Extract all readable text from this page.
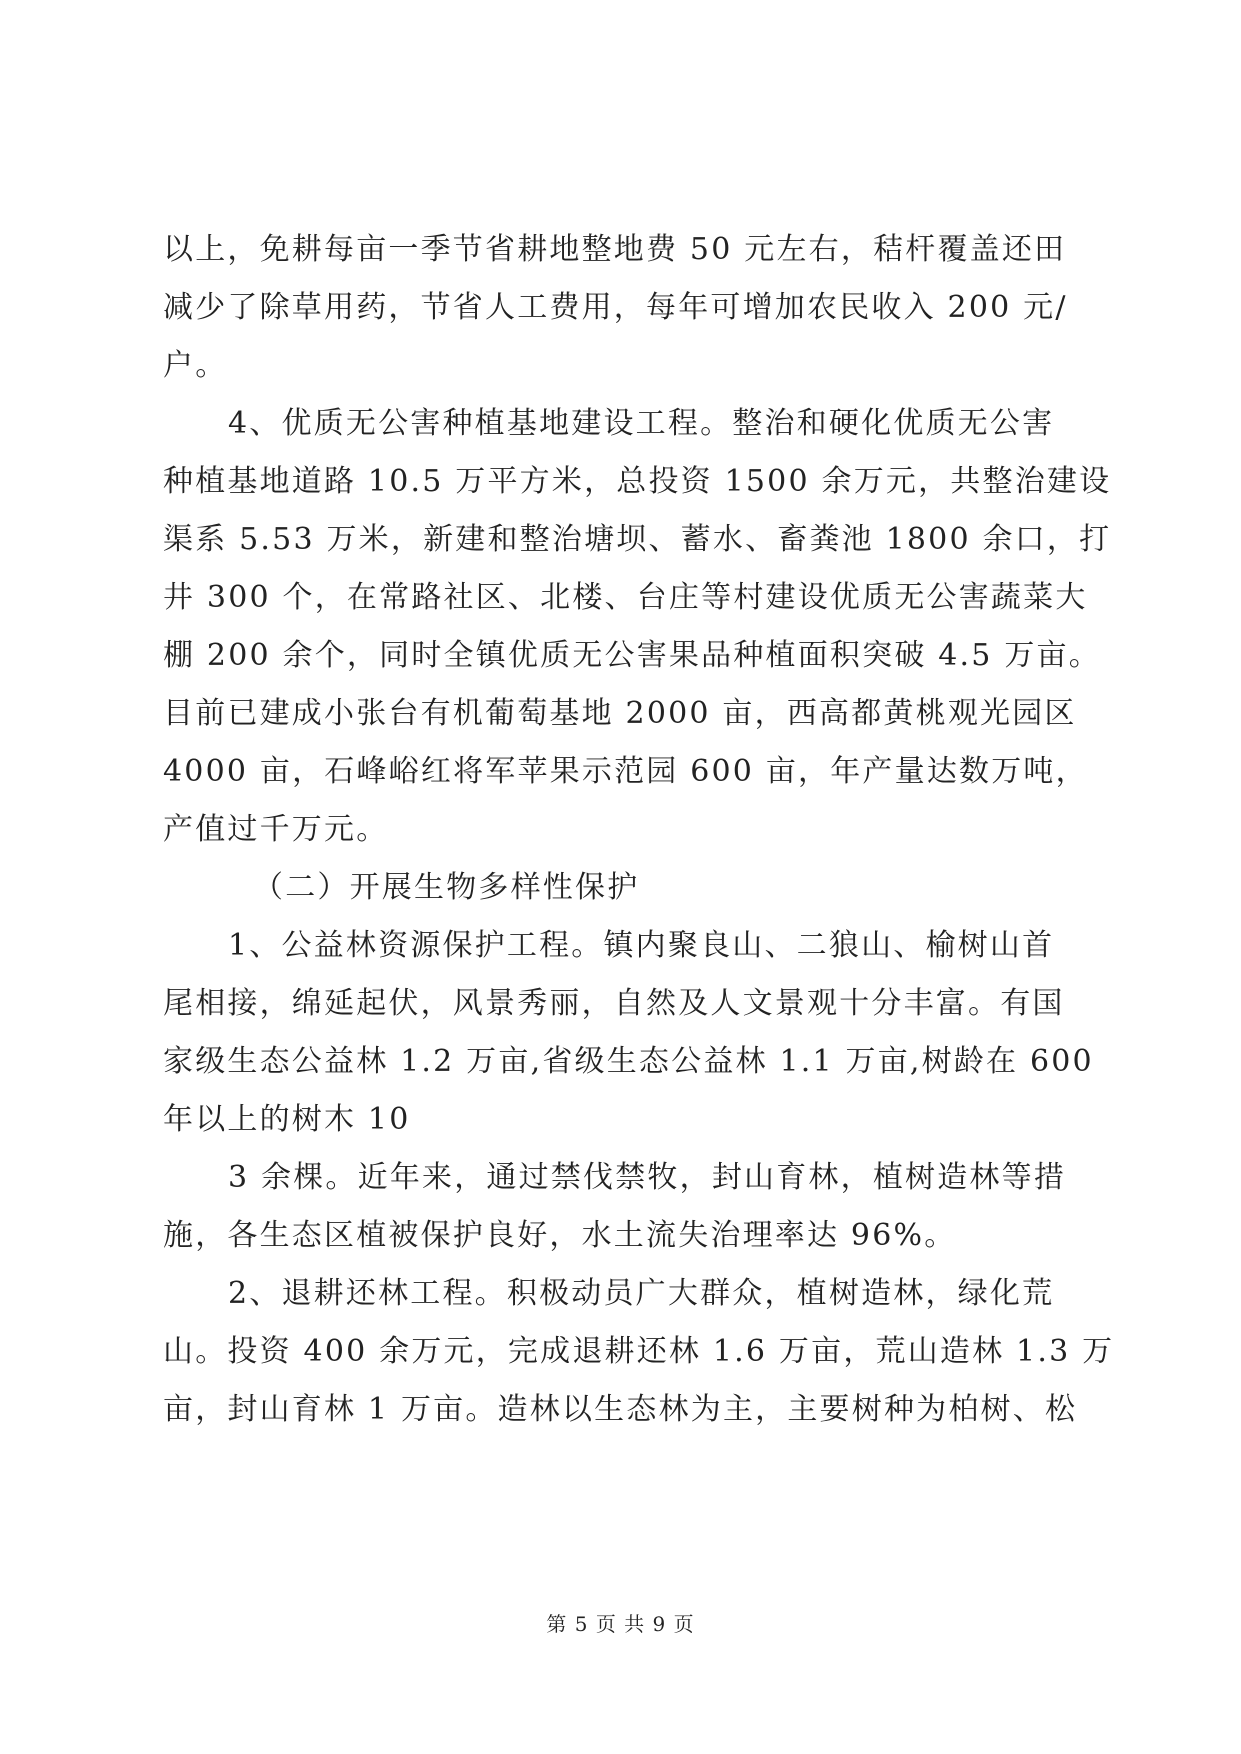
以上，免耕每亩一季节省耕地整地费 50 元左右，秸杆覆盖还田
减少了除草用药，节省人工费用，每年可增加农民收入 200 元/
户。
4、优质无公害种植基地建设工程。整治和硬化优质无公害
种植基地道路 10.5 万平方米，总投资 1500 余万元，共整治建设
渠系 5.53 万米，新建和整治塘坝、蓄水、畜粪池 1800 余口，打
井 300 个，在常路社区、北楼、台庄等村建设优质无公害蔬菜大
棚 200 余个，同时全镇优质无公害果品种植面积突破 4.5 万亩。
目前已建成小张台有机葡萄基地 2000 亩，西高都黄桃观光园区
4000 亩，石峰峪红将军苹果示范园 600 亩，年产量达数万吨，
产值过千万元。
（二）开展生物多样性保护
1、公益林资源保护工程。镇内聚良山、二狼山、榆树山首
尾相接，绵延起伏，风景秀丽，自然及人文景观十分丰富。有国
家级生态公益林 1.2 万亩,省级生态公益林 1.1 万亩,树龄在 600
年以上的树木 10
3 余棵。近年来，通过禁伐禁牧，封山育林，植树造林等措
施，各生态区植被保护良好，水土流失治理率达 96%。
2、退耕还林工程。积极动员广大群众，植树造林，绿化荒
山。投资 400 余万元，完成退耕还林 1.6 万亩，荒山造林 1.3 万
亩，封山育林 1 万亩。造林以生态林为主，主要树种为柏树、松
第 5 页 共 9 页
